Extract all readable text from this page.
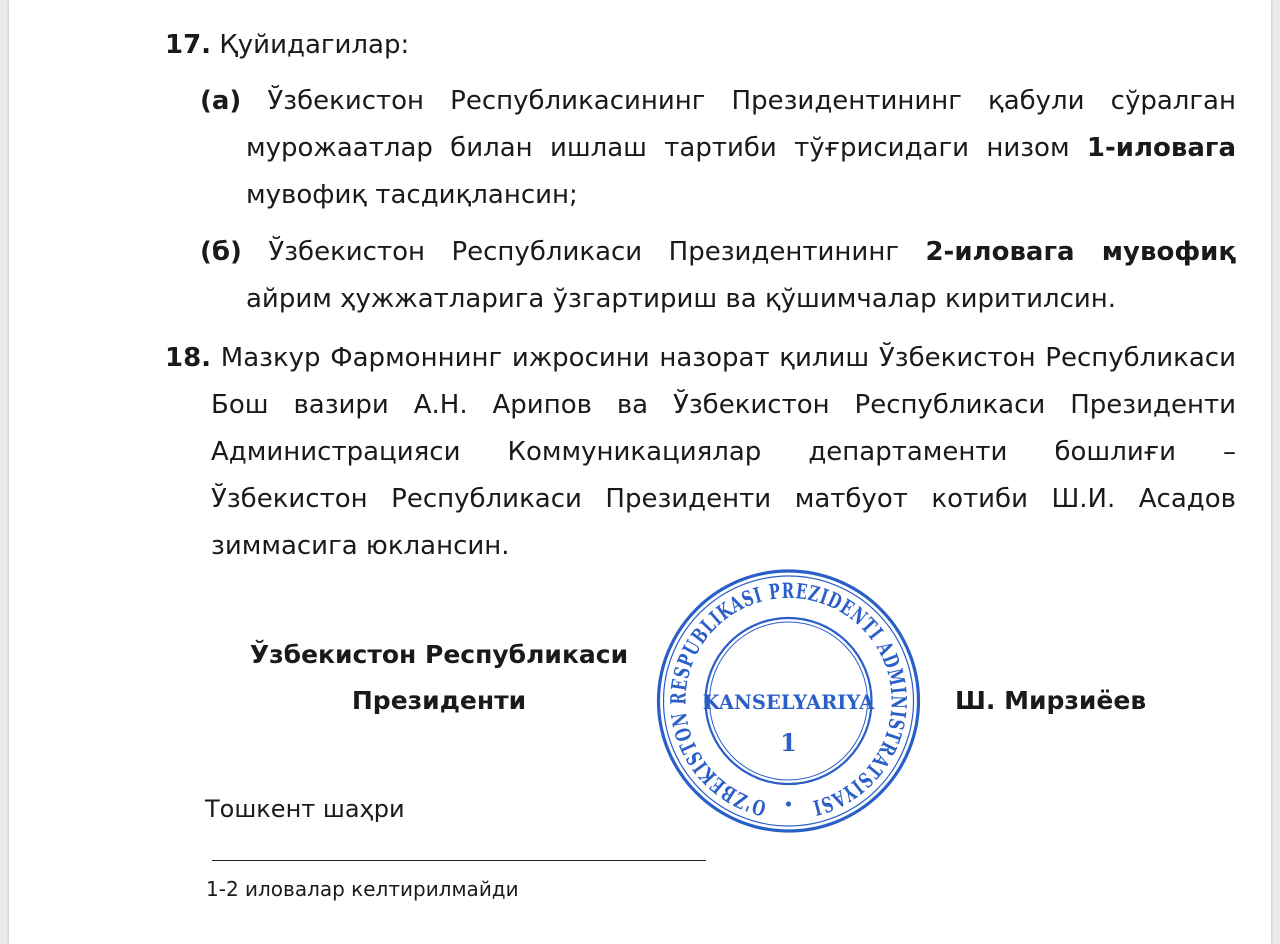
17. Қуйидагилар:

(а) Ўзбекистон Республикасининг Президентининг қабули сўралган мурожаатлар билан ишлаш тартиби тўғрисидаги низом 1-иловага мувофиқ тасдиқлансин;

(б) Ўзбекистон Республикаси Президентининг 2-иловага мувофиқ айрим ҳужжатларига ўзгартириш ва қўшимчалар киритилсин.

18. Мазкур Фармоннинг ижросини назорат қилиш Ўзбекистон Республикаси Бош вазири А.Н. Арипов ва Ўзбекистон Республикаси Президенти Администрацияси Коммуникациялар департаменти бошлиғи – Ўзбекистон Республикаси Президенти матбуот котиби Ш.И. Асадов зиммасига юклансин.

Ўзбекистон Республикаси
Президенти	Ш. Мирзиёев
O'ZBEKISTON RESPUBLIKASI PREZIDENTI ADMINISTRATSIYASI
KANSELYARIYA
1
Тошкент шаҳри
1-2 иловалар келтирилмайди
